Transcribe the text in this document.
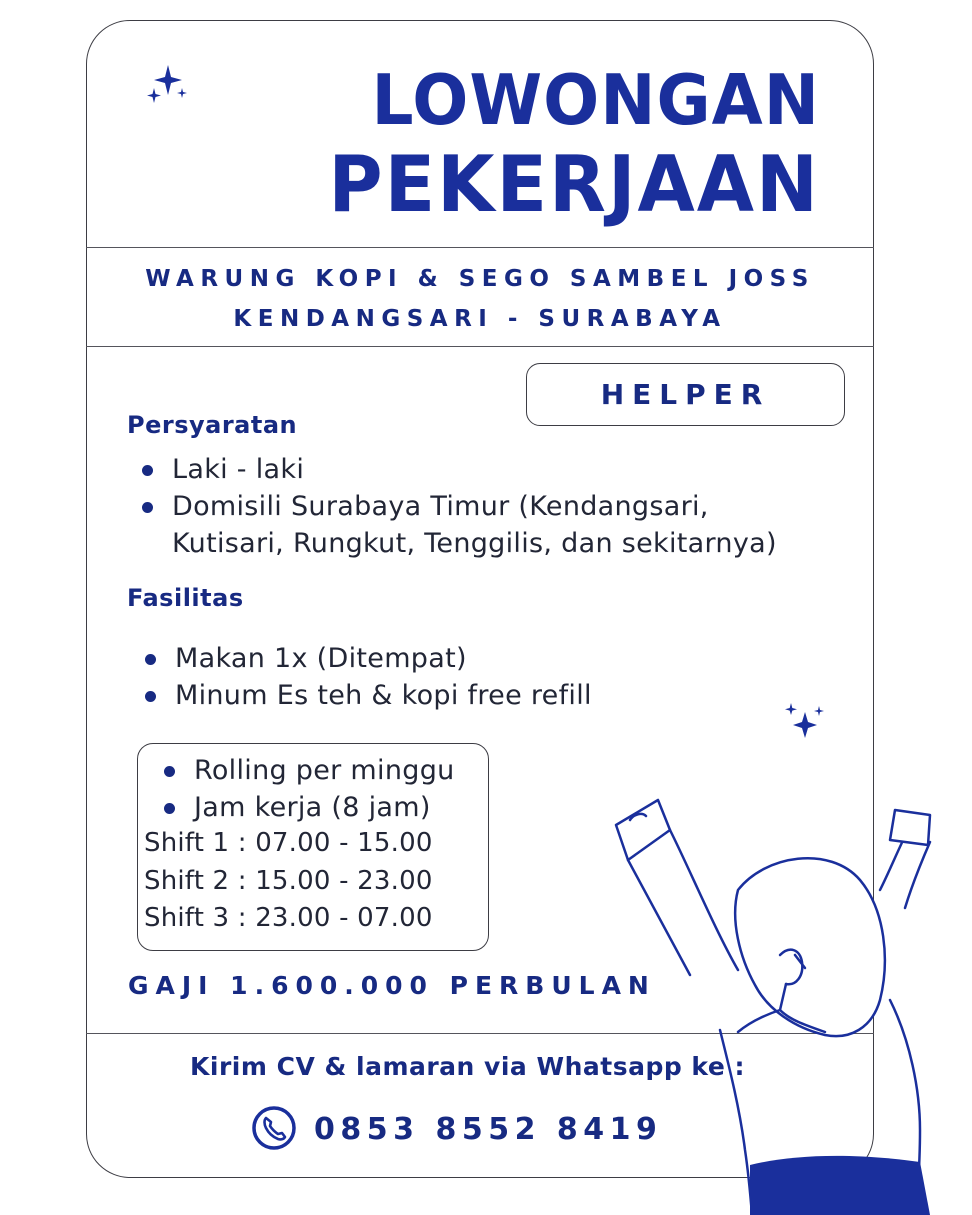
LOWONGAN
PEKERJAAN
WARUNG KOPI & SEGO SAMBEL JOSS
KENDANGSARI - SURABAYA
HELPER
Persyaratan
Laki - laki
Domisili Surabaya Timur (Kendangsari,
Kutisari, Rungkut, Tenggilis, dan sekitarnya)
Fasilitas
Makan 1x (Ditempat)
Minum Es teh & kopi free refill
Rolling per minggu
Jam kerja (8 jam)
Shift 1 : 07.00 - 15.00
Shift 2 : 15.00 - 23.00
Shift 3 : 23.00 - 07.00
GAJI 1.600.000 PERBULAN
Kirim CV & lamaran via Whatsapp ke :
0853 8552 8419
